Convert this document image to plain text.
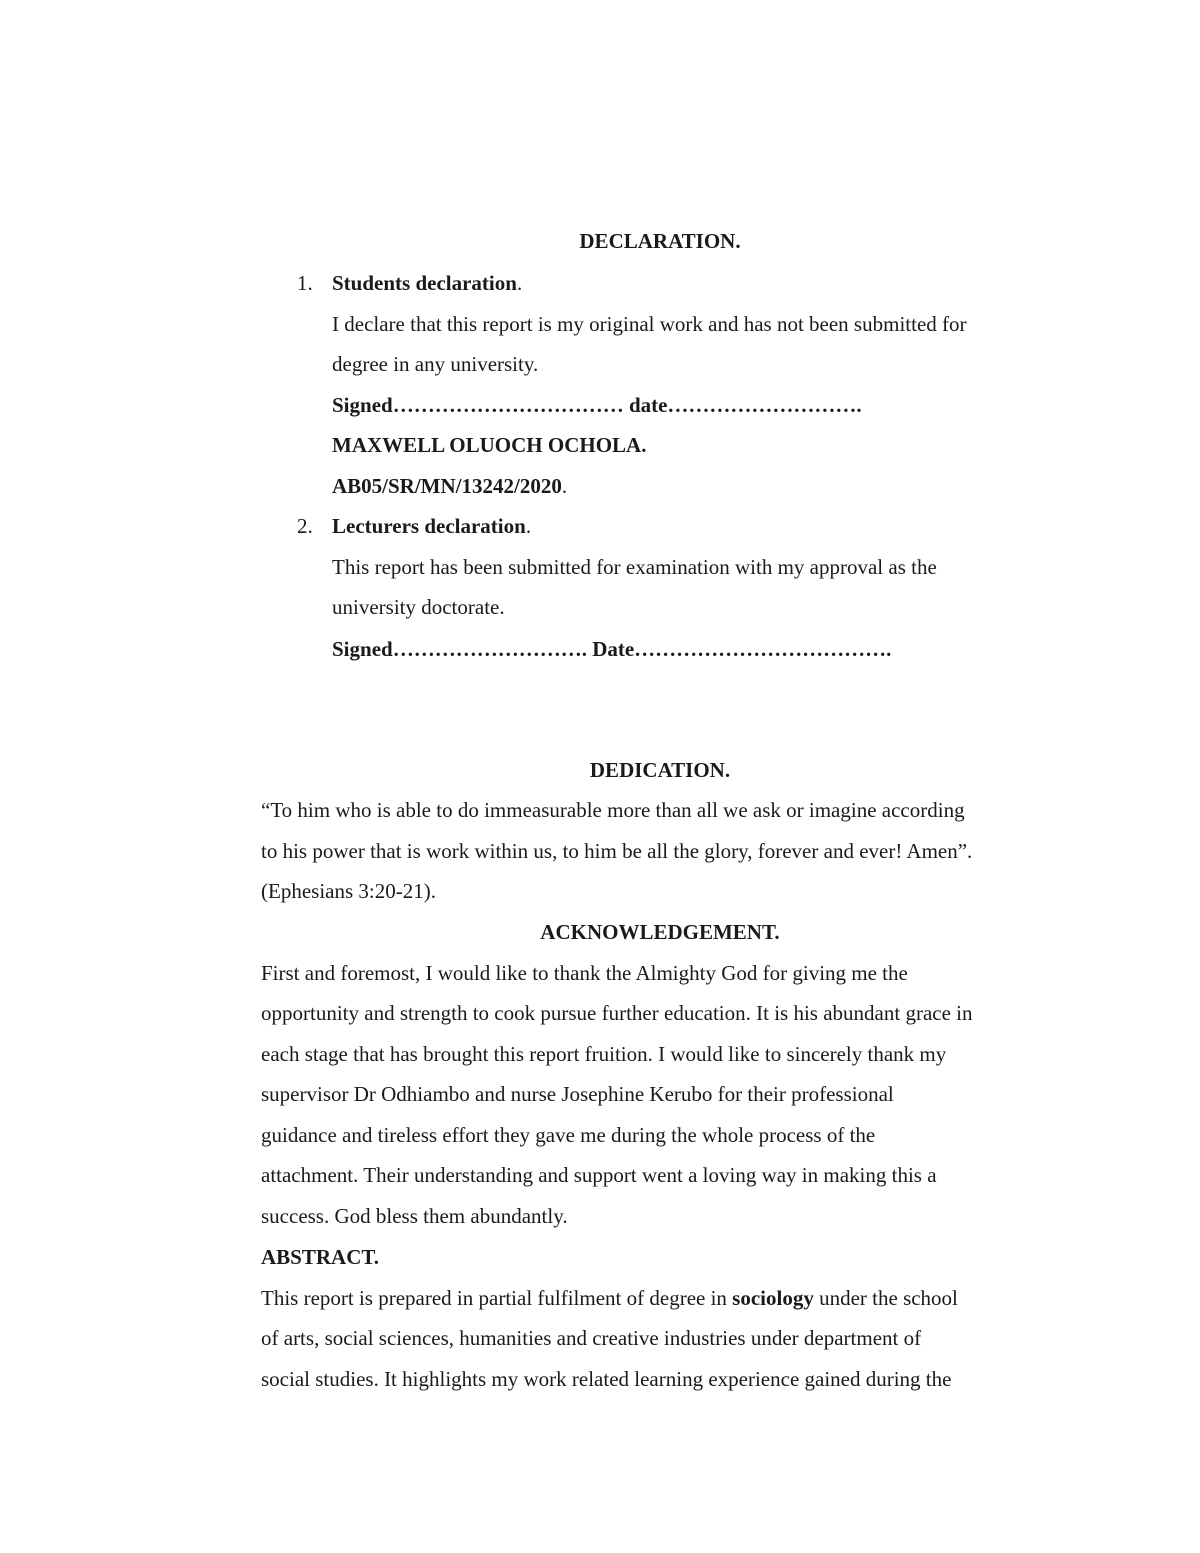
DECLARATION.
1. Students declaration.
I declare that this report is my original work and has not been submitted for
degree in any university.
Signed…………………………… date……………………….
MAXWELL OLUOCH OCHOLA.
AB05/SR/MN/13242/2020.
2. Lecturers declaration.
This report has been submitted for examination with my approval as the
university doctorate.
Signed………………………. Date……………………………….
DEDICATION.
“To him who is able to do immeasurable more than all we ask or imagine according
to his power that is work within us, to him be all the glory, forever and ever! Amen”.
(Ephesians 3:20-21).
ACKNOWLEDGEMENT.
First and foremost, I would like to thank the Almighty God for giving me the
opportunity and strength to cook pursue further education. It is his abundant grace in
each stage that has brought this report fruition. I would like to sincerely thank my
supervisor Dr Odhiambo and nurse Josephine Kerubo for their professional
guidance and tireless effort they gave me during the whole process of the
attachment. Their understanding and support went a loving way in making this a
success. God bless them abundantly.
ABSTRACT.
This report is prepared in partial fulfilment of degree in sociology under the school
of arts, social sciences, humanities and creative industries under department of
social studies. It highlights my work related learning experience gained during the
